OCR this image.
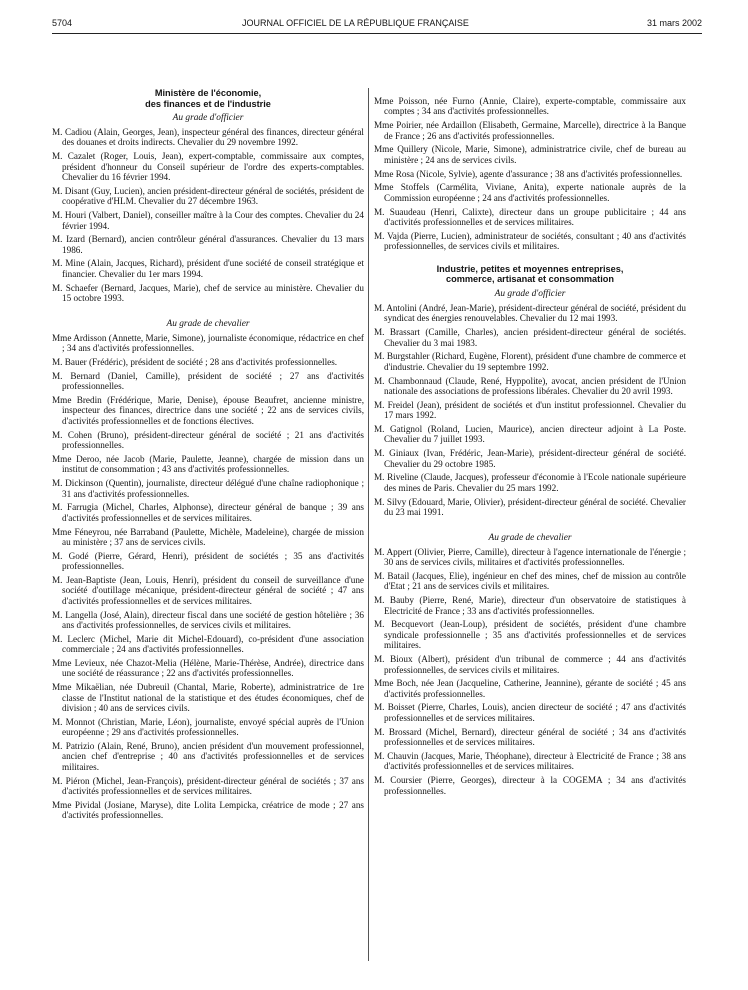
5704	JOURNAL OFFICIEL DE LA RÉPUBLIQUE FRANÇAISE	31 mars 2002
Ministère de l'économie,
des finances et de l'industrie
Au grade d'officier

M. Cadiou (Alain, Georges, Jean), inspecteur général des finances, directeur général des douanes et droits indirects. Chevalier du 29 novembre 1992.

M. Cazalet (Roger, Louis, Jean), expert-comptable, commissaire aux comptes, président d'honneur du Conseil supérieur de l'ordre des experts-comptables. Chevalier du 16 février 1994.

M. Disant (Guy, Lucien), ancien président-directeur général de sociétés, président de coopérative d'HLM. Chevalier du 27 décembre 1963.

M. Houri (Valbert, Daniel), conseiller maître à la Cour des comptes. Chevalier du 24 février 1994.

M. Izard (Bernard), ancien contrôleur général d'assurances. Chevalier du 13 mars 1986.

M. Mine (Alain, Jacques, Richard), président d'une société de conseil stratégique et financier. Chevalier du 1er mars 1994.

M. Schaefer (Bernard, Jacques, Marie), chef de service au ministère. Chevalier du 15 octobre 1993.

Au grade de chevalier

Mme Ardisson (Annette, Marie, Simone), journaliste économique, rédactrice en chef ; 34 ans d'activités professionnelles.

M. Bauer (Frédéric), président de société ; 28 ans d'activités professionnelles.

M. Bernard (Daniel, Camille), président de société ; 27 ans d'activités professionnelles.

Mme Bredin (Frédérique, Marie, Denise), épouse Beaufret, ancienne ministre, inspecteur des finances, directrice dans une société ; 22 ans de services civils, d'activités professionnelles et de fonctions électives.

M. Cohen (Bruno), président-directeur général de société ; 21 ans d'activités professionnelles.

Mme Deroo, née Jacob (Marie, Paulette, Jeanne), chargée de mission dans un institut de consommation ; 43 ans d'activités professionnelles.

M. Dickinson (Quentin), journaliste, directeur délégué d'une chaîne radiophonique ; 31 ans d'activités professionnelles.

M. Farrugia (Michel, Charles, Alphonse), directeur général de banque ; 39 ans d'activités professionnelles et de services militaires.

Mme Féneyrou, née Barraband (Paulette, Michèle, Madeleine), chargée de mission au ministère ; 37 ans de services civils.

M. Godé (Pierre, Gérard, Henri), président de sociétés ; 35 ans d'activités professionnelles.

M. Jean-Baptiste (Jean, Louis, Henri), président du conseil de surveillance d'une société d'outillage mécanique, président-directeur général de société ; 47 ans d'activités professionnelles et de services militaires.

M. Langella (José, Alain), directeur fiscal dans une société de gestion hôtelière ; 36 ans d'activités professionnelles, de services civils et militaires.

M. Leclerc (Michel, Marie dit Michel-Edouard), co-président d'une association commerciale ; 24 ans d'activités professionnelles.

Mme Levieux, née Chazot-Melia (Hélène, Marie-Thérèse, Andrée), directrice dans une société de réassurance ; 22 ans d'activités professionnelles.

Mme Mikaëlian, née Dubreuil (Chantal, Marie, Roberte), administratrice de 1re classe de l'Institut national de la statistique et des études économiques, chef de division ; 40 ans de services civils.

M. Monnot (Christian, Marie, Léon), journaliste, envoyé spécial auprès de l'Union européenne ; 29 ans d'activités professionnelles.

M. Patrizio (Alain, René, Bruno), ancien président d'un mouvement professionnel, ancien chef d'entreprise ; 40 ans d'activités professionnelles et de services militaires.

M. Piéron (Michel, Jean-François), président-directeur général de sociétés ; 37 ans d'activités professionnelles et de services militaires.

Mme Pividal (Josiane, Maryse), dite Lolita Lempicka, créatrice de mode ; 27 ans d'activités professionnelles.

Mme Poisson, née Furno (Annie, Claire), experte-comptable, commissaire aux comptes ; 34 ans d'activités professionnelles.

Mme Poirier, née Ardaillon (Elisabeth, Germaine, Marcelle), directrice à la Banque de France ; 26 ans d'activités professionnelles.

Mme Quillery (Nicole, Marie, Simone), administratrice civile, chef de bureau au ministère ; 24 ans de services civils.

Mme Rosa (Nicole, Sylvie), agente d'assurance ; 38 ans d'activités professionnelles.

Mme Stoffels (Carmélita, Viviane, Anita), experte nationale auprès de la Commission européenne ; 24 ans d'activités professionnelles.

M. Suaudeau (Henri, Calixte), directeur dans un groupe publicitaire ; 44 ans d'activités professionnelles et de services militaires.

M. Vajda (Pierre, Lucien), administrateur de sociétés, consultant ; 40 ans d'activités professionnelles, de services civils et militaires.

Industrie, petites et moyennes entreprises,
commerce, artisanat et consommation
Au grade d'officier

M. Antolini (André, Jean-Marie), président-directeur général de société, président du syndicat des énergies renouvelables. Chevalier du 12 mai 1993.

M. Brassart (Camille, Charles), ancien président-directeur général de sociétés. Chevalier du 3 mai 1983.

M. Burgstahler (Richard, Eugène, Florent), président d'une chambre de commerce et d'industrie. Chevalier du 19 septembre 1992.

M. Chambonnaud (Claude, René, Hyppolite), avocat, ancien président de l'Union nationale des associations de professions libérales. Chevalier du 20 avril 1993.

M. Freidel (Jean), président de sociétés et d'un institut professionnel. Chevalier du 17 mars 1992.

M. Gatignol (Roland, Lucien, Maurice), ancien directeur adjoint à La Poste. Chevalier du 7 juillet 1993.

M. Giniaux (Ivan, Frédéric, Jean-Marie), président-directeur général de société. Chevalier du 29 octobre 1985.

M. Riveline (Claude, Jacques), professeur d'économie à l'Ecole nationale supérieure des mines de Paris. Chevalier du 25 mars 1992.

M. Silvy (Edouard, Marie, Olivier), président-directeur général de société. Chevalier du 23 mai 1991.

Au grade de chevalier

M. Appert (Olivier, Pierre, Camille), directeur à l'agence internationale de l'énergie ; 30 ans de services civils, militaires et d'activités professionnelles.

M. Batail (Jacques, Elie), ingénieur en chef des mines, chef de mission au contrôle d'Etat ; 21 ans de services civils et militaires.

M. Bauby (Pierre, René, Marie), directeur d'un observatoire de statistiques à Electricité de France ; 33 ans d'activités professionnelles.

M. Becquevort (Jean-Loup), président de sociétés, président d'une chambre syndicale professionnelle ; 35 ans d'activités professionnelles et de services militaires.

M. Bioux (Albert), président d'un tribunal de commerce ; 44 ans d'activités professionnelles, de services civils et militaires.

Mme Boch, née Jean (Jacqueline, Catherine, Jeannine), gérante de société ; 45 ans d'activités professionnelles.

M. Boisset (Pierre, Charles, Louis), ancien directeur de société ; 47 ans d'activités professionnelles et de services militaires.

M. Brossard (Michel, Bernard), directeur général de société ; 34 ans d'activités professionnelles et de services militaires.

M. Chauvin (Jacques, Marie, Théophane), directeur à Electricité de France ; 38 ans d'activités professionnelles et de services militaires.

M. Coursier (Pierre, Georges), directeur à la COGEMA ; 34 ans d'activités professionnelles.
